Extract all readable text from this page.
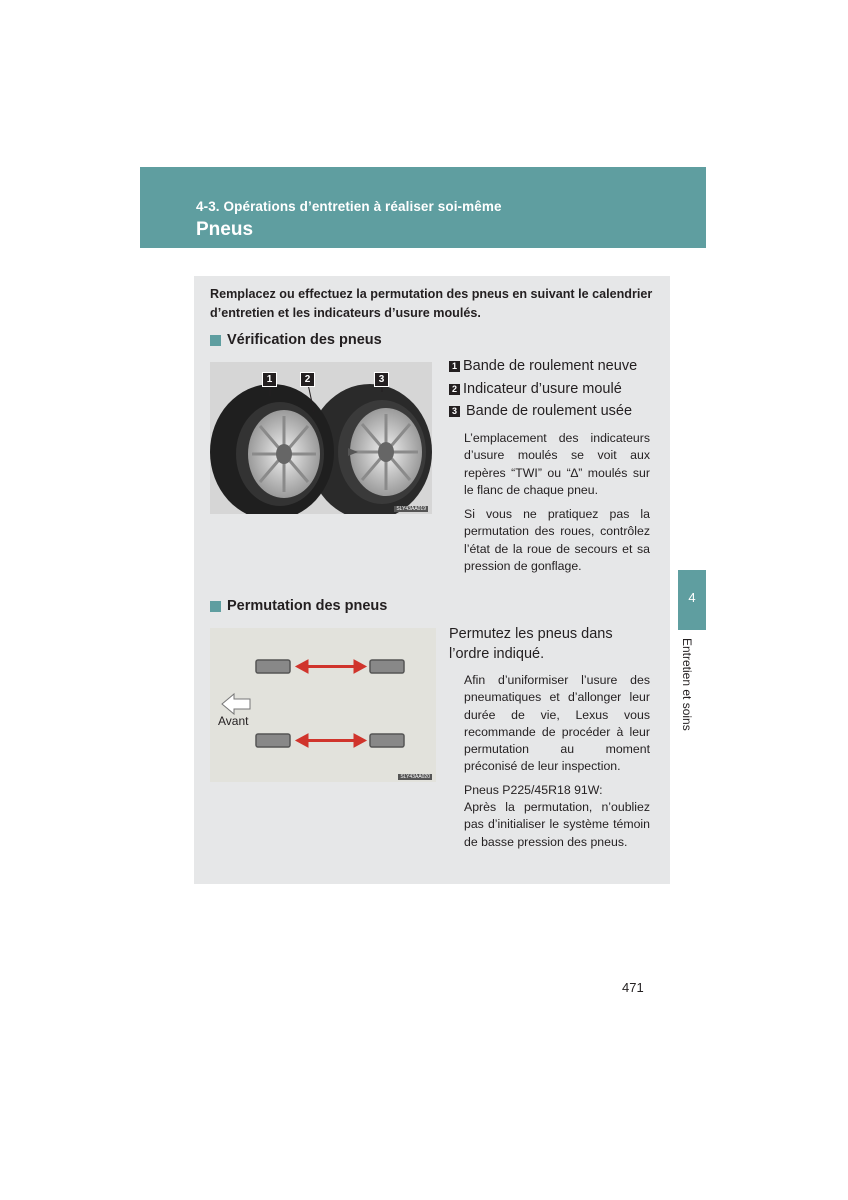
4-3. Opérations d’entretien à réaliser soi-même
Pneus
Remplacez ou effectuez la permutation des pneus en suivant le calendrier d’entretien et les indicateurs d’usure moulés.
Vérification des pneus
1	2	3
SLY43AA019
1 Bande de roulement neuve
2 Indicateur d’usure moulé
3 Bande de roulement usée
L’emplacement des indicateurs d’usure moulés se voit aux repères “TWI” ou “∆” moulés sur le flanc de chaque pneu.
Si vous ne pratiquez pas la permutation des roues, contrôlez l’état de la roue de secours et sa pression de gonflage.
Permutation des pneus
Avant
SLY43AA020
Permutez les pneus dans l’ordre indiqué.
Afin d’uniformiser l’usure des pneumatiques et d’allonger leur durée de vie, Lexus vous recommande de procéder à leur permutation au moment préconisé de leur inspection.
Pneus P225/45R18 91W:
Après la permutation, n’oubliez pas d’initialiser le système témoin de basse pression des pneus.
4
Entretien et soins
471
